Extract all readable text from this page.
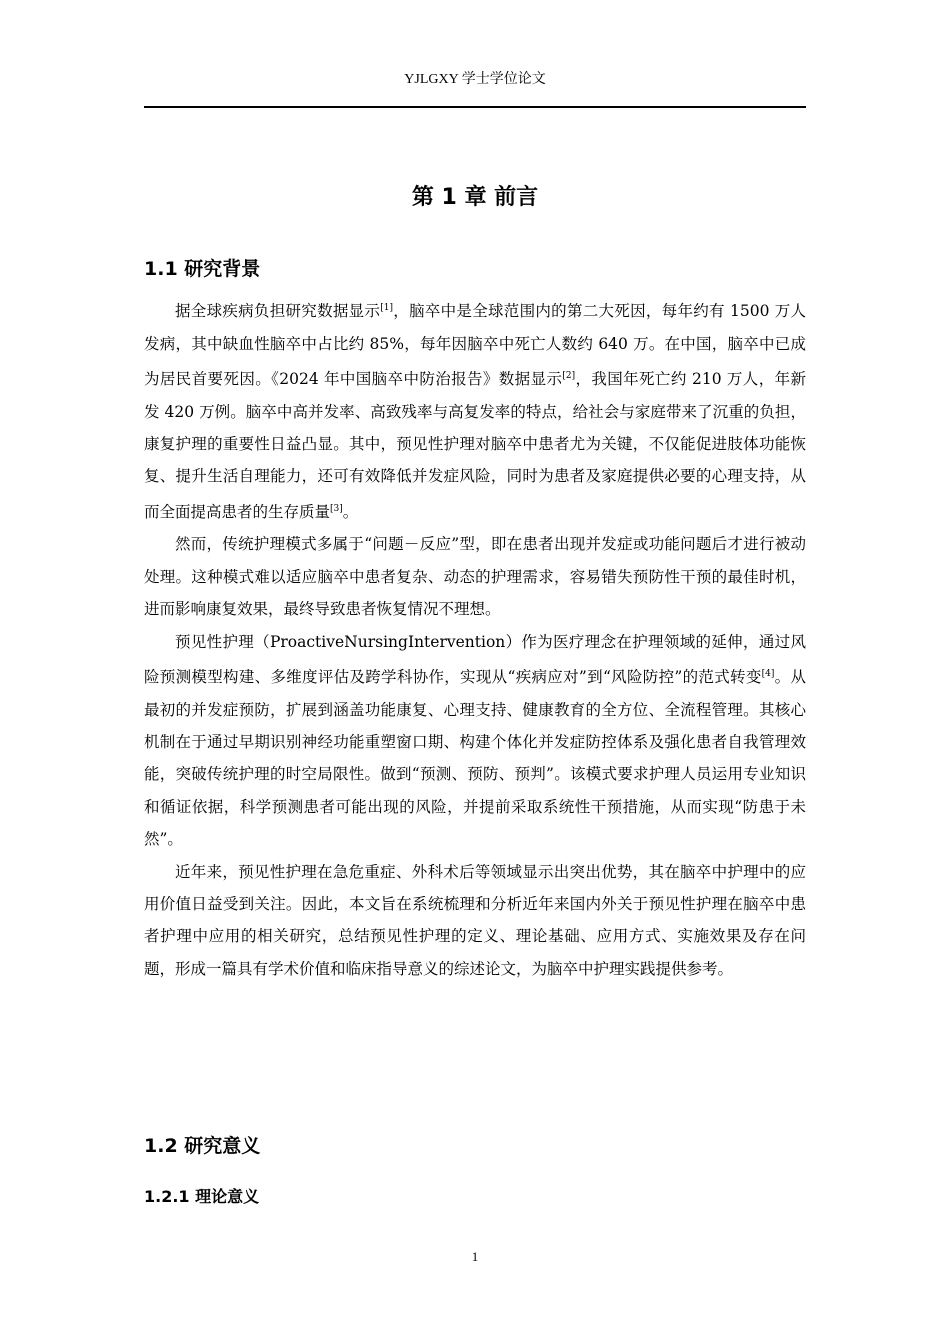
YJLGXY 学士学位论文
第 1 章 前言
1.1 研究背景

据全球疾病负担研究数据显示[1]，脑卒中是全球范围内的第二大死因，每年约有 1500 万人发病，其中缺血性脑卒中占比约 85%，每年因脑卒中死亡人数约 640 万。在中国，脑卒中已成为居民首要死因。《2024 年中国脑卒中防治报告》数据显示[2]，我国年死亡约 210 万人，年新发 420 万例。脑卒中高并发率、高致残率与高复发率的特点，给社会与家庭带来了沉重的负担，康复护理的重要性日益凸显。其中，预见性护理对脑卒中患者尤为关键，不仅能促进肢体功能恢复、提升生活自理能力，还可有效降低并发症风险，同时为患者及家庭提供必要的心理支持，从而全面提高患者的生存质量[3]。

然而，传统护理模式多属于“问题－反应”型，即在患者出现并发症或功能问题后才进行被动处理。这种模式难以适应脑卒中患者复杂、动态的护理需求，容易错失预防性干预的最佳时机，进而影响康复效果，最终导致患者恢复情况不理想。

预见性护理（ProactiveNursingIntervention）作为医疗理念在护理领域的延伸，通过风险预测模型构建、多维度评估及跨学科协作，实现从“疾病应对”到“风险防控”的范式转变[4]。从最初的并发症预防，扩展到涵盖功能康复、心理支持、健康教育的全方位、全流程管理。其核心机制在于通过早期识别神经功能重塑窗口期、构建个体化并发症防控体系及强化患者自我管理效能，突破传统护理的时空局限性。做到“预测、预防、预判”。该模式要求护理人员运用专业知识和循证依据，科学预测患者可能出现的风险，并提前采取系统性干预措施，从而实现“防患于未然”。

近年来，预见性护理在急危重症、外科术后等领域显示出突出优势，其在脑卒中护理中的应用价值日益受到关注。因此，本文旨在系统梳理和分析近年来国内外关于预见性护理在脑卒中患者护理中应用的相关研究，总结预见性护理的定义、理论基础、应用方式、实施效果及存在问题，形成一篇具有学术价值和临床指导意义的综述论文，为脑卒中护理实践提供参考。

1.2 研究意义
1.2.1 理论意义
1
